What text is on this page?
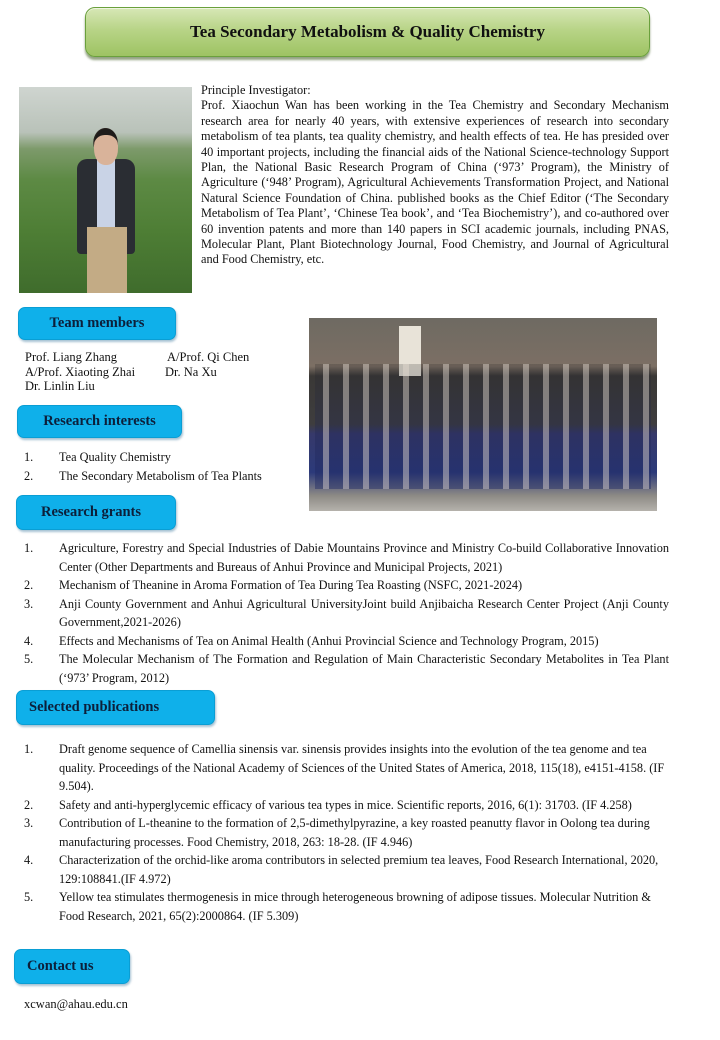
Tea Secondary Metabolism & Quality Chemistry
Principle Investigator:
Prof. Xiaochun Wan has been working in the Tea Chemistry and Secondary Mechanism research area for nearly 40 years, with extensive experiences of research into secondary metabolism of tea plants, tea quality chemistry, and health effects of tea. He has presided over 40 important projects, including the financial aids of the National Science-technology Support Plan, the National Basic Research Program of China (‘973’ Program), the Ministry of Agriculture (‘948’ Program), Agricultural Achievements Transformation Project, and National Natural Science Foundation of China. published books as the Chief Editor (‘The Secondary Metabolism of Tea Plant’, ‘Chinese Tea book’, and ‘Tea Biochemistry’), and co-authored over 60 invention patents and more than 140 papers in SCI academic journals, including PNAS, Molecular Plant, Plant Biotechnology Journal, Food Chemistry, and Journal of Agricultural and Food Chemistry, etc.
Team members
Prof. Liang Zhang	A/Prof. Qi Chen
A/Prof. Xiaoting Zhai	Dr. Na Xu
Dr. Linlin Liu
Research interests
1.	Tea Quality Chemistry
2.	The Secondary Metabolism of Tea Plants
Research grants
1.	Agriculture, Forestry and Special Industries of Dabie Mountains Province and Ministry Co-build Collaborative Innovation Center (Other Departments and Bureaus of Anhui Province and Municipal Projects, 2021)
2.	Mechanism of Theanine in Aroma Formation of Tea During Tea Roasting (NSFC, 2021-2024)
3.	Anji County Government and Anhui Agricultural UniversityJoint build Anjibaicha Research Center Project (Anji County Government,2021-2026)
4.	Effects and Mechanisms of Tea on Animal Health (Anhui Provincial Science and Technology Program, 2015)
5.	The Molecular Mechanism of The Formation and Regulation of Main Characteristic Secondary Metabolites in Tea Plant (‘973’ Program, 2012)
Selected publications
1.	Draft genome sequence of Camellia sinensis var. sinensis provides insights into the evolution of the tea genome and tea quality. Proceedings of the National Academy of Sciences of the United States of America, 2018, 115(18), e4151-4158. (IF 9.504).
2.	Safety and anti-hyperglycemic efficacy of various tea types in mice. Scientific reports, 2016, 6(1): 31703. (IF 4.258)
3.	Contribution of L-theanine to the formation of 2,5-dimethylpyrazine, a key roasted peanutty flavor in Oolong tea during manufacturing processes. Food Chemistry, 2018, 263: 18-28. (IF 4.946)
4.	Characterization of the orchid-like aroma contributors in selected premium tea leaves, Food Research International, 2020, 129:108841.(IF 4.972)
5.	Yellow tea stimulates thermogenesis in mice through heterogeneous browning of adipose tissues. Molecular Nutrition & Food Research, 2021, 65(2):2000864. (IF 5.309)
Contact us
xcwan@ahau.edu.cn
